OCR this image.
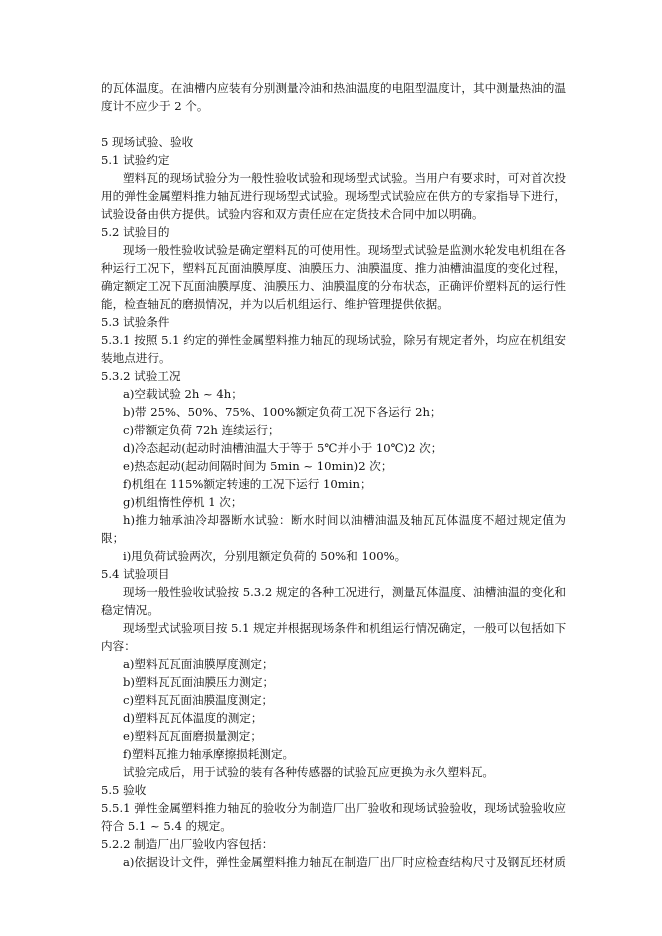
的瓦体温度。在油槽内应装有分别测量冷油和热油温度的电阻型温度计，其中测量热油的温
度计不应少于 2 个。
5 现场试验、验收
5.1 试验约定
塑料瓦的现场试验分为一般性验收试验和现场型式试验。当用户有要求时，可对首次投
用的弹性金属塑料推力轴瓦进行现场型式试验。现场型式试验应在供方的专家指导下进行，
试验设备由供方提供。试验内容和双方责任应在定货技术合同中加以明确。
5.2 试验目的
现场一般性验收试验是确定塑料瓦的可使用性。现场型式试验是监测水轮发电机组在各
种运行工况下，塑料瓦瓦面油膜厚度、油膜压力、油膜温度、推力油槽油温度的变化过程，
确定额定工况下瓦面油膜厚度、油膜压力、油膜温度的分布状态，正确评价塑料瓦的运行性
能，检查轴瓦的磨损情况，并为以后机组运行、维护管理提供依据。
5.3 试验条件
5.3.1 按照 5.1 约定的弹性金属塑料推力轴瓦的现场试验，除另有规定者外，均应在机组安
装地点进行。
5.3.2 试验工况
a)空载试验 2h ~ 4h；
b)带 25%、50%、75%、100%额定负荷工况下各运行 2h；
c)带额定负荷 72h 连续运行；
d)冷态起动(起动时油槽油温大于等于 5℃并小于 10℃)2 次；
e)热态起动(起动间隔时间为 5min ~ 10min)2 次；
f)机组在 115%额定转速的工况下运行 10min；
g)机组惰性停机 1 次；
h)推力轴承油冷却器断水试验：断水时间以油槽油温及轴瓦瓦体温度不超过规定值为
限；
i)甩负荷试验两次，分别甩额定负荷的 50%和 100%。
5.4 试验项目
现场一般性验收试验按 5.3.2 规定的各种工况进行，测量瓦体温度、油槽油温的变化和
稳定情况。
现场型式试验项目按 5.1 规定并根据现场条件和机组运行情况确定，一般可以包括如下
内容：
a)塑料瓦瓦面油膜厚度测定；
b)塑料瓦瓦面油膜压力测定；
c)塑料瓦瓦面油膜温度测定；
d)塑料瓦瓦体温度的测定；
e)塑料瓦瓦面磨损量测定；
f)塑料瓦推力轴承摩擦损耗测定。
试验完成后，用于试验的装有各种传感器的试验瓦应更换为永久塑料瓦。
5.5 验收
5.5.1 弹性金属塑料推力轴瓦的验收分为制造厂出厂验收和现场试验验收，现场试验验收应
符合 5.1 ~ 5.4 的规定。
5.2.2 制造厂出厂验收内容包括：
a)依据设计文件，弹性金属塑料推力轴瓦在制造厂出厂时应检查结构尺寸及钢瓦坯材质
